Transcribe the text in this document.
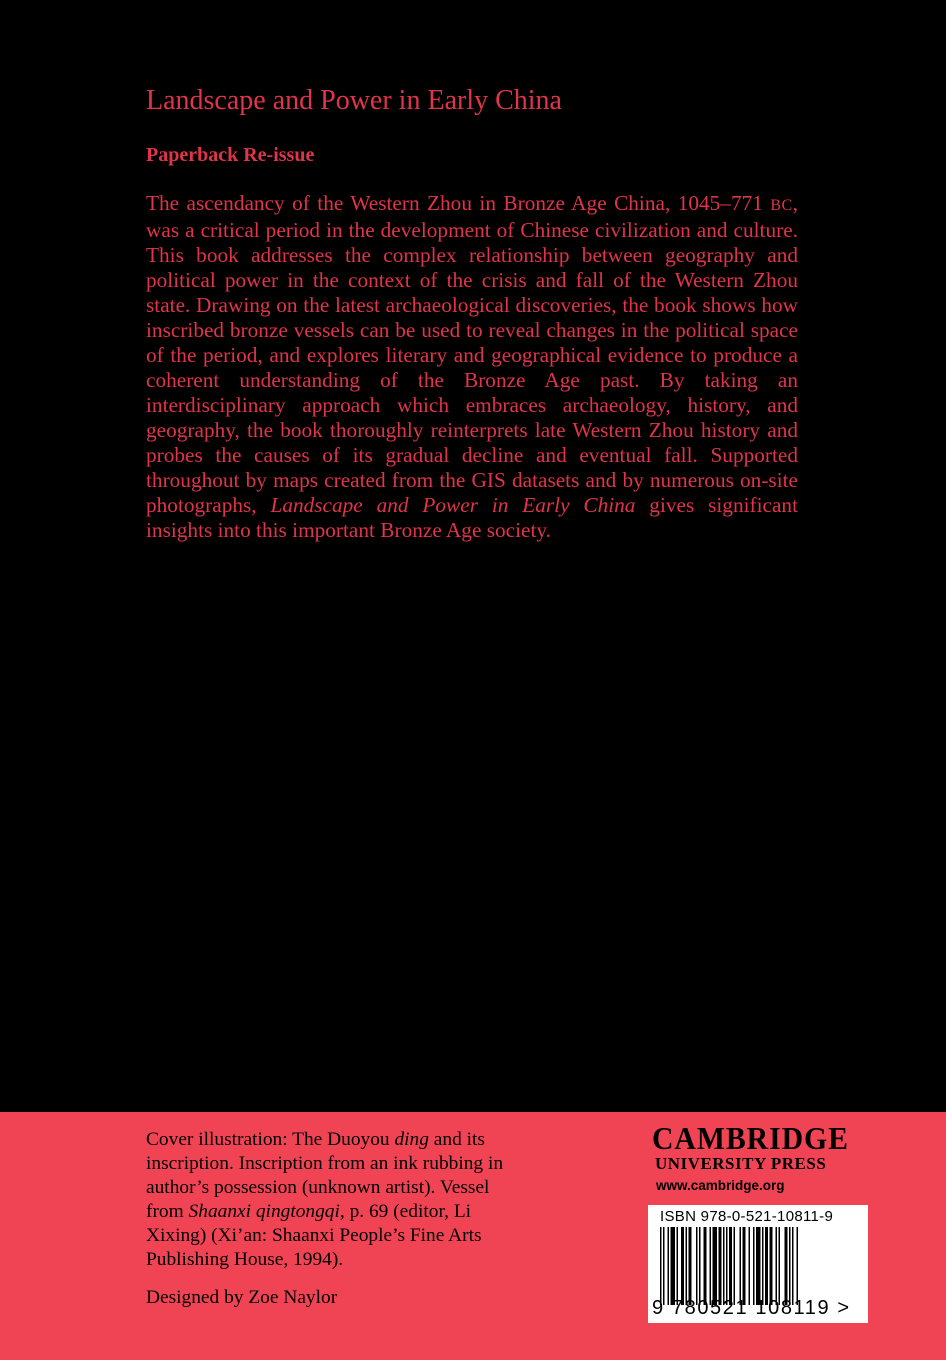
Landscape and Power in Early China
Paperback Re-issue

The ascendancy of the Western Zhou in Bronze Age China, 1045–771 BC, was a critical period in the development of Chinese civilization and culture. This book addresses the complex relationship between geography and political power in the context of the crisis and fall of the Western Zhou state. Drawing on the latest archaeological discoveries, the book shows how inscribed bronze vessels can be used to reveal changes in the political space of the period, and explores literary and geographical evidence to produce a coherent understanding of the Bronze Age past. By taking an interdisciplinary approach which embraces archaeology, history, and geography, the book thoroughly reinterprets late Western Zhou history and probes the causes of its gradual decline and eventual fall. Supported throughout by maps created from the GIS datasets and by numerous on-site photographs, Landscape and Power in Early China gives significant insights into this important Bronze Age society.

Cover illustration: The Duoyou ding and its inscription. Inscription from an ink rubbing in author’s possession (unknown artist). Vessel from Shaanxi qingtongqi, p. 69 (editor, Li Xixing) (Xi’an: Shaanxi People’s Fine Arts Publishing House, 1994).

Designed by Zoe Naylor
CAMBRIDGE
UNIVERSITY PRESS
www.cambridge.org
ISBN 978-0-521-10811-9
9 780521 108119 >
